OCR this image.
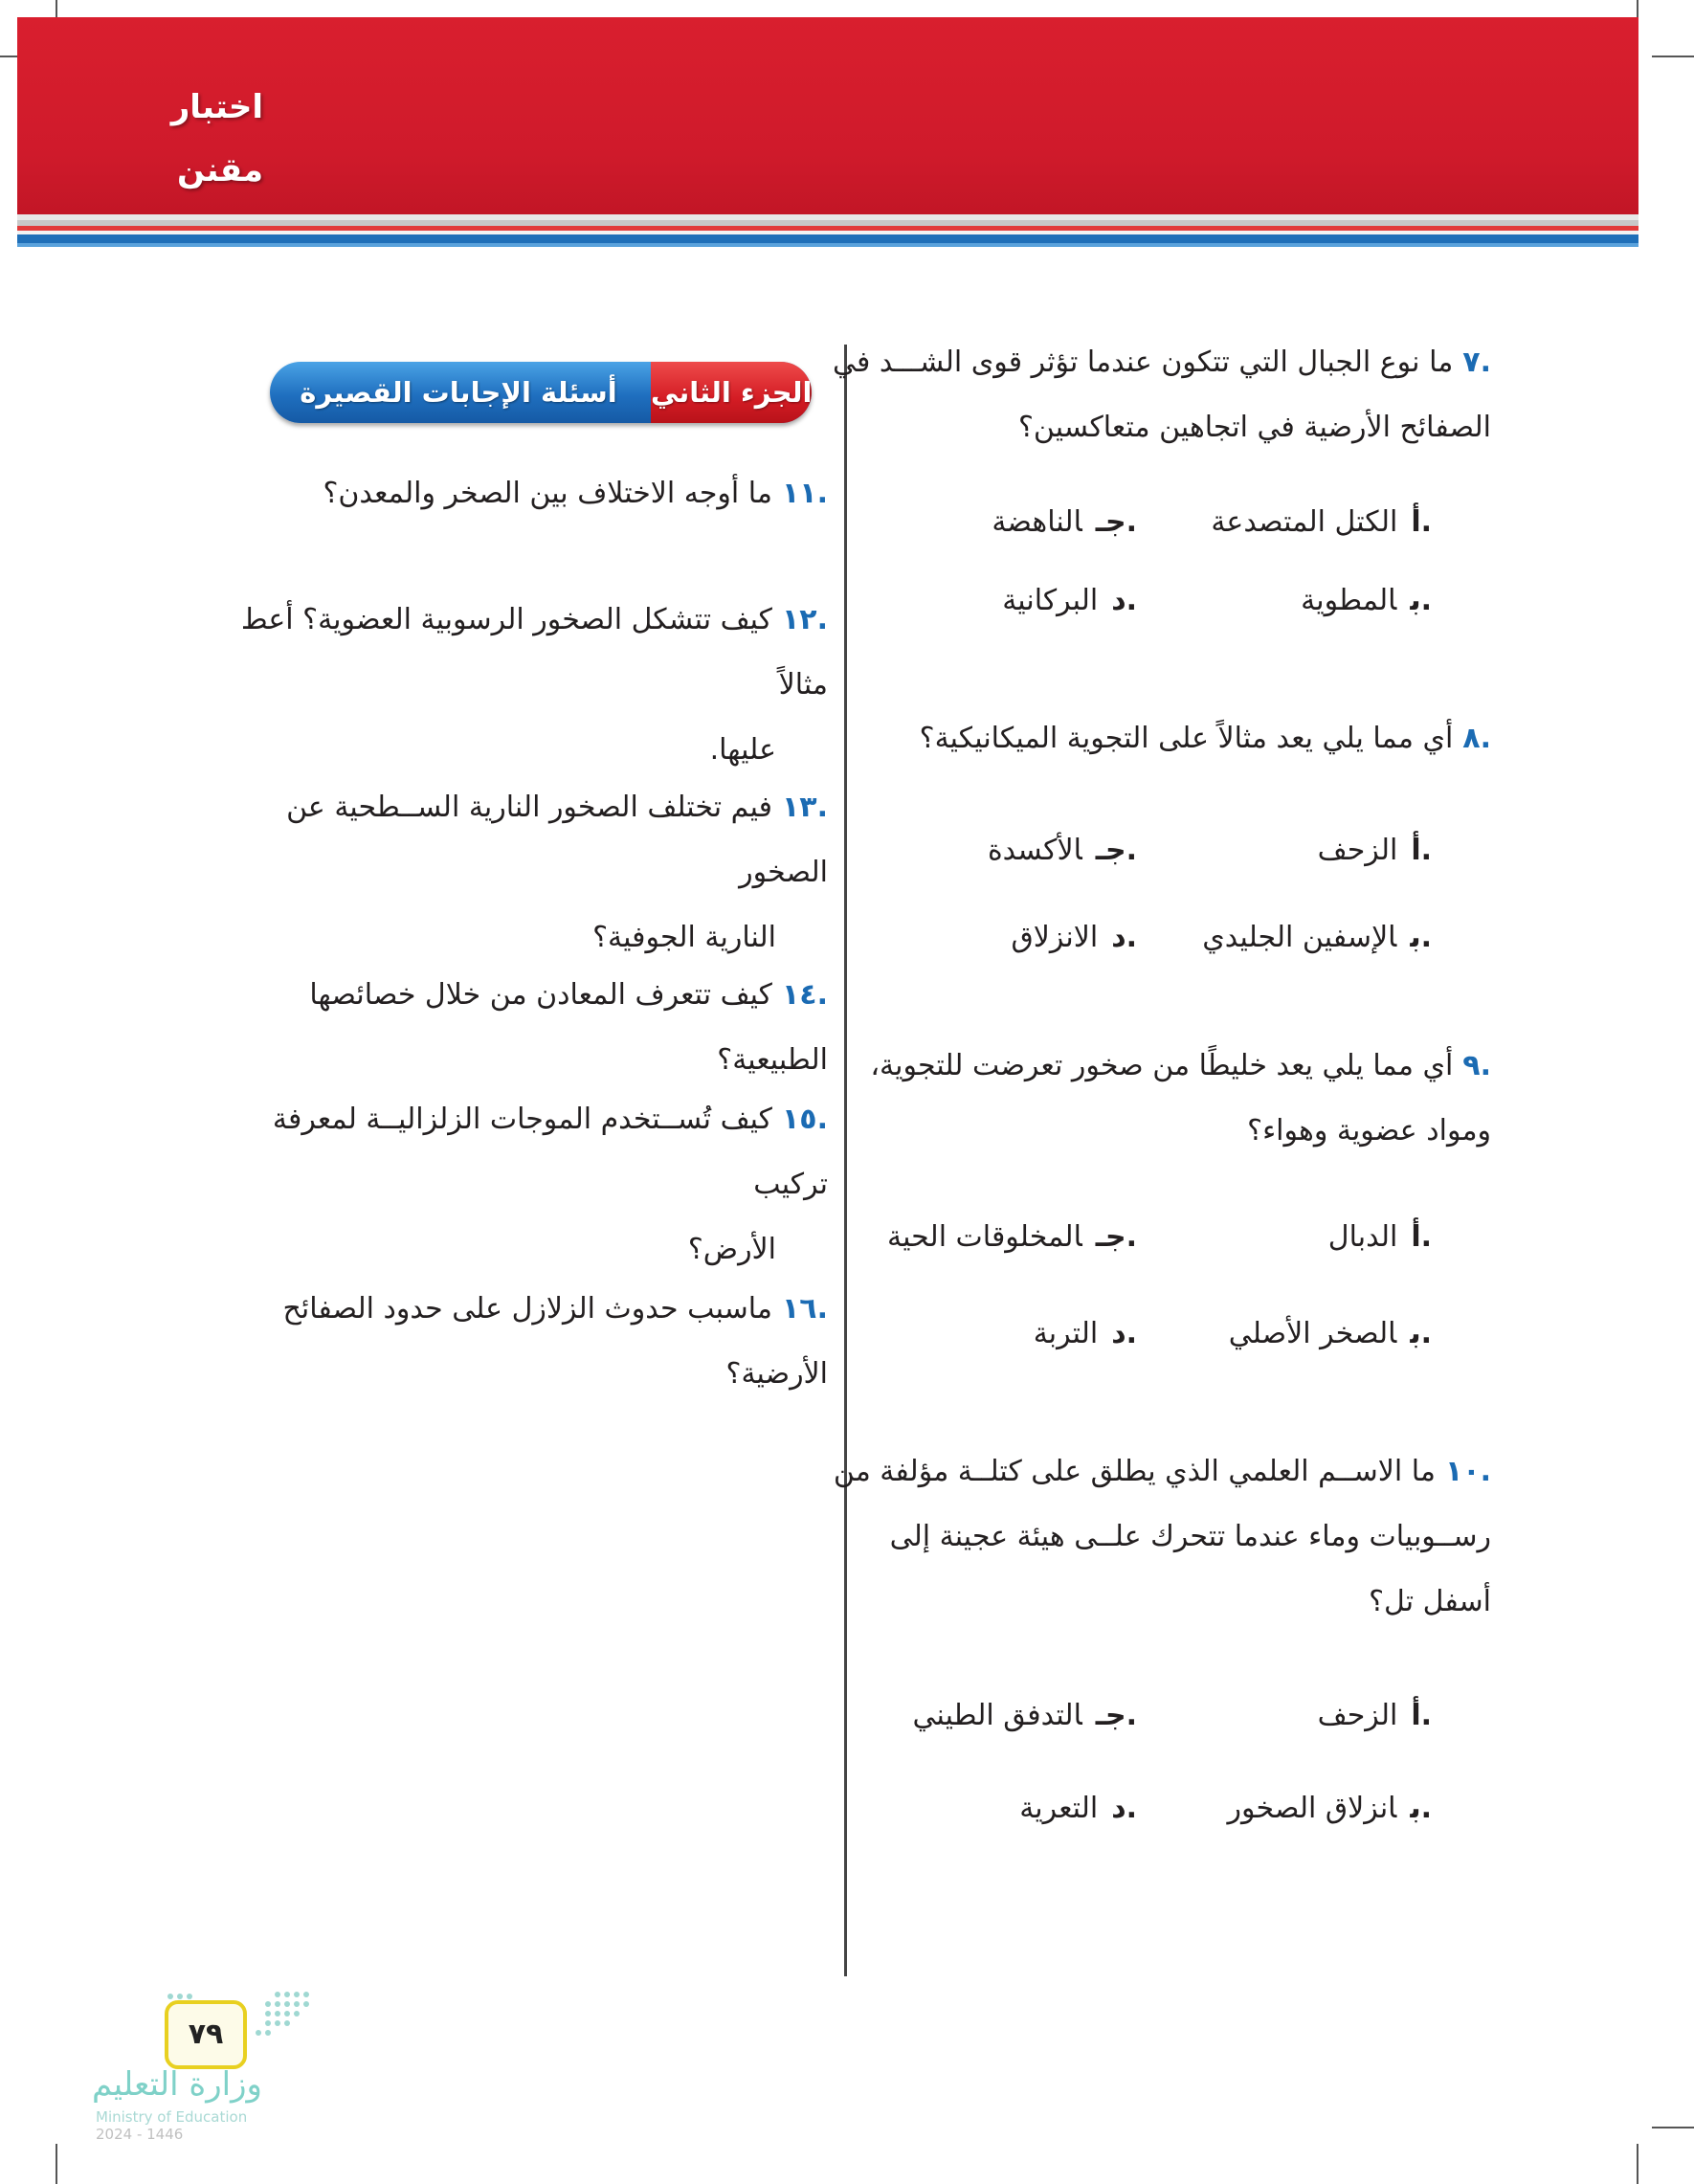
اختبار
مقنن
.٧ما نوع الجبال التي تتكون عندما تؤثر قوى الشـــد في
الصفائح الأرضية في اتجاهين متعاكسين؟
.أالكتل المتصدعة
.جـالناهضة
.بالمطوية
.دالبركانية
.٨أي مما يلي يعد مثالاً على التجوية الميكانيكية؟
.أالزحف
.جـالأكسدة
.بالإسفين الجليدي
.دالانزلاق
.٩أي مما يلي يعد خليطًا من صخور تعرضت للتجوية،
ومواد عضوية وهواء؟
.أالدبال
.جـالمخلوقات الحية
.بالصخر الأصلي
.دالتربة
.١٠ما الاســم العلمي الذي يطلق على كتلــة مؤلفة من
رســوبيات وماء عندما تتحرك علــى هيئة عجينة إلى
أسفل تل؟
.أالزحف
.جـالتدفق الطيني
.بانزلاق الصخور
.دالتعرية
الجزء الثاني
أسئلة الإجابات القصيرة
.١١ما أوجه الاختلاف بين الصخر والمعدن؟
.١٢كيف تتشكل الصخور الرسوبية العضوية؟ أعط مثالاً
عليها.
.١٣فيم تختلف الصخور النارية الســطحية عن الصخور
النارية الجوفية؟
.١٤كيف تتعرف المعادن من خلال خصائصها الطبيعية؟
.١٥كيف تُســتخدم الموجات الزلزاليــة لمعرفة تركيب
الأرض؟
.١٦ماسبب حدوث الزلازل على حدود الصفائح الأرضية؟
٧٩
وزارة التعليم
Ministry of Education
2024 - 1446
